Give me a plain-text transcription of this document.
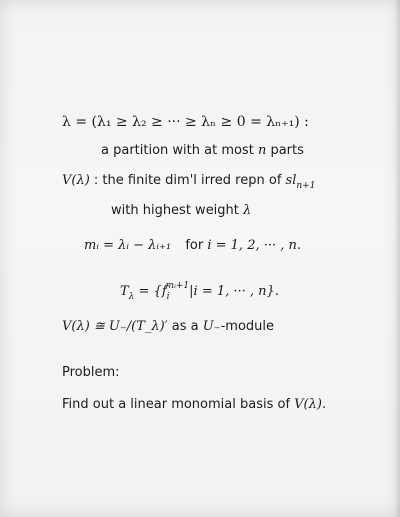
λ = (λ₁ ≥ λ₂ ≥ ··· ≥ λₙ ≥ 0 = λₙ₊₁) :
a partition with at most n parts
V(λ) : the finite dim'l irred repn of $sl_{n+1}$
with highest weight λ
mᵢ = λᵢ − λᵢ₊₁ for i = 1, 2, ··· , n.
$T_\lambda = \{f_i^{mᵢ+1}|i = 1$, ··· , n}.
V(λ) ≅ U₋/(T_λ)′ as a U₋-module
Problem:
Find out a linear monomial basis of V(λ).
